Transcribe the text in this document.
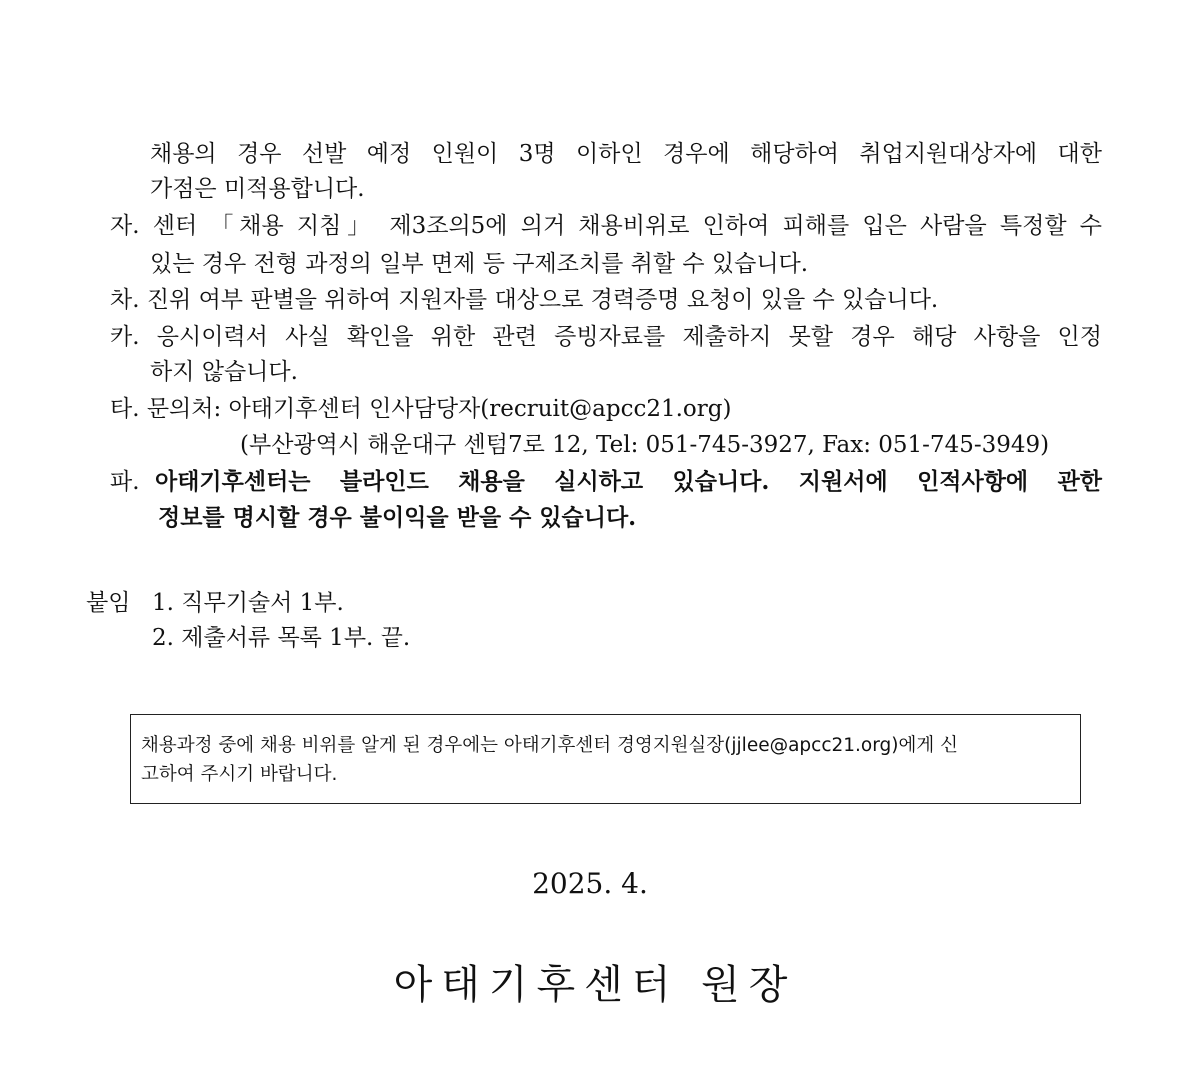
채용의 경우 선발 예정 인원이 3명 이하인 경우에 해당하여 취업지원대상자에 대한
가점은 미적용합니다.
자. 센터 「채용 지침」 제3조의5에 의거 채용비위로 인하여 피해를 입은 사람을 특정할 수
있는 경우 전형 과정의 일부 면제 등 구제조치를 취할 수 있습니다.
차. 진위 여부 판별을 위하여 지원자를 대상으로 경력증명 요청이 있을 수 있습니다.
카. 응시이력서 사실 확인을 위한 관련 증빙자료를 제출하지 못할 경우 해당 사항을 인정
하지 않습니다.
타. 문의처: 아태기후센터 인사담당자(recruit@apcc21.org)
(부산광역시 해운대구 센텀7로 12, Tel: 051-745-3927, Fax: 051-745-3949)
파. 아태기후센터는 블라인드 채용을 실시하고 있습니다. 지원서에 인적사항에 관한
정보를 명시할 경우 불이익을 받을 수 있습니다.
붙임 1. 직무기술서 1부.
2. 제출서류 목록 1부. 끝.
채용과정 중에 채용 비위를 알게 된 경우에는 아태기후센터 경영지원실장(jjlee@apcc21.org)에게 신
고하여 주시기 바랍니다.
2025. 4.
아태기후센터 원장
